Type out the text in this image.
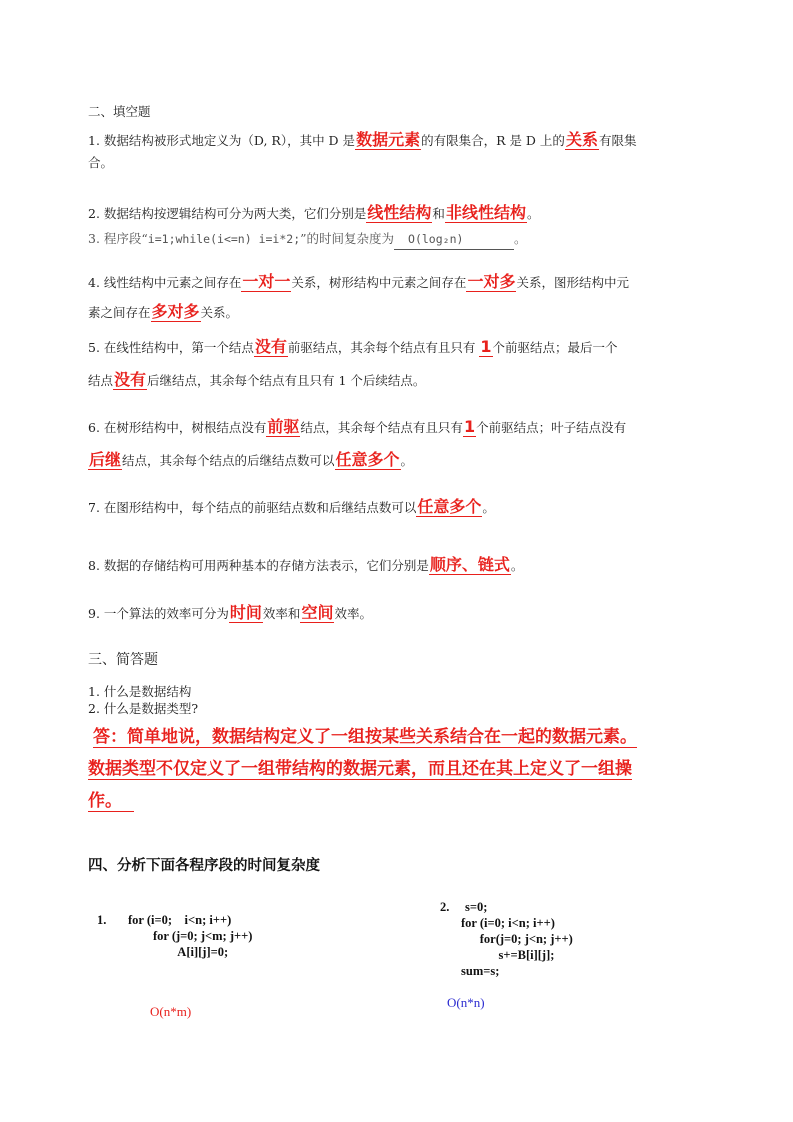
二、填空题
1. 数据结构被形式地定义为（D, R），其中 D 是数据元素的有限集合，R 是 D 上的关系有限集
合。
2. 数据结构按逻辑结构可分为两大类，它们分别是线性结构和非线性结构。
3. 程序段“i=1;while(i<=n) i=i*2;”的时间复杂度为 O(log₂n)	。
4. 线性结构中元素之间存在一对一关系，树形结构中元素之间存在一对多关系，图形结构中元
素之间存在多对多关系。
5. 在线性结构中，第一个结点没有前驱结点，其余每个结点有且只有 1个前驱结点；最后一个
结点没有后继结点，其余每个结点有且只有 1 个后续结点。
6. 在树形结构中，树根结点没有前驱结点，其余每个结点有且只有1个前驱结点；叶子结点没有
后继结点，其余每个结点的后继结点数可以任意多个。
7. 在图形结构中，每个结点的前驱结点数和后继结点数可以任意多个。
8. 数据的存储结构可用两种基本的存储方法表示，它们分别是顺序、链式。
9. 一个算法的效率可分为时间效率和空间效率。
三、简答题
1. 什么是数据结构
2. 什么是数据类型?
答：简单地说，数据结构定义了一组按某些关系结合在一起的数据元素。
数据类型不仅定义了一组带结构的数据元素，而且还在其上定义了一组操
作。
四、分析下面各程序段的时间复杂度
1. for (i=0;    i<n; i++)
for (j=0; j<m; j++)
A[i][j]=0;
O(n*m)
2. s=0;
for (i=0; i<n; i++)
for(j=0; j<n; j++)
s+=B[i][j];
sum=s;
O(n*n)
